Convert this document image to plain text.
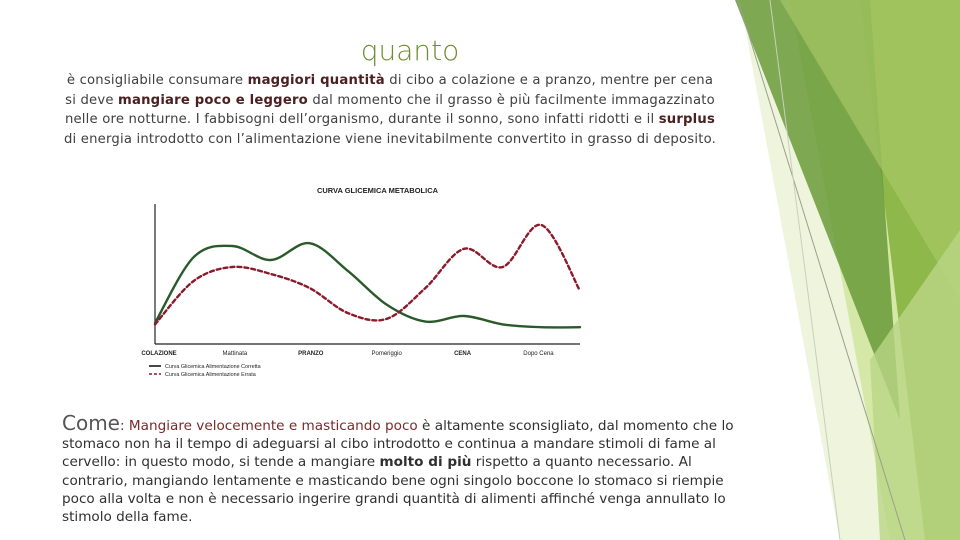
quanto
è consigliabile consumare maggiori quantità di cibo a colazione e a pranzo, mentre per cena si deve mangiare poco e leggero dal momento che il grasso è più facilmente immagazzinato nelle ore notturne. I fabbisogni dell’organismo, durante il sonno, sono infatti ridotti e il surplus di energia introdotto con l’alimentazione viene inevitabilmente convertito in grasso di deposito.
CURVA GLICEMICA METABOLICA
COLAZIONE	Mattinata	PRANZO	Pomeriggio	CENA	Dopo Cena
Curva Glicemica Alimentazione Corretta
Curva Glicemica Alimentazione Errata
Come: Mangiare velocemente e masticando poco è altamente sconsigliato, dal momento che lo stomaco non ha il tempo di adeguarsi al cibo introdotto e continua a mandare stimoli di fame al cervello: in questo modo, si tende a mangiare molto di più rispetto a quanto necessario. Al contrario, mangiando lentamente e masticando bene ogni singolo boccone lo stomaco si riempie poco alla volta e non è necessario ingerire grandi quantità di alimenti affinché venga annullato lo stimolo della fame.
